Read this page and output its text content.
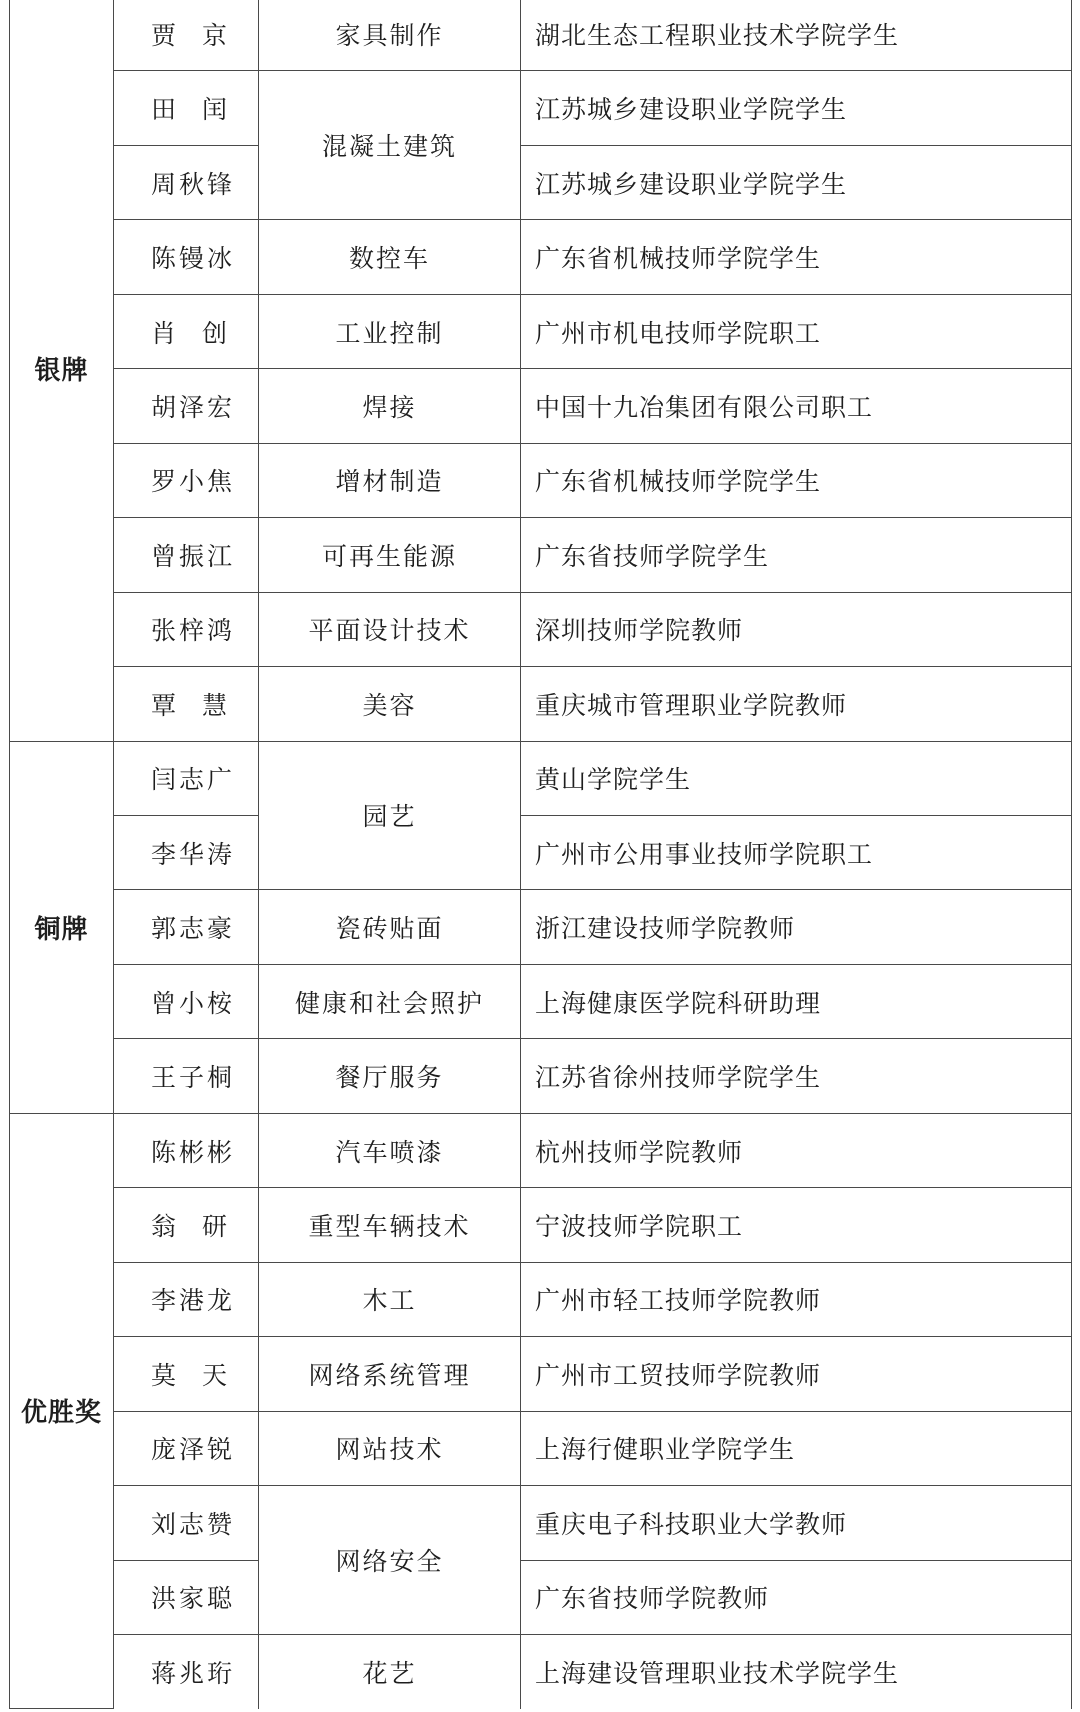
银牌	贾 京	家具制作	湖北生态工程职业技术学院学生
	田 闰	混凝土建筑	江苏城乡建设职业学院学生
	周秋锋		江苏城乡建设职业学院学生
	陈镘冰	数控车	广东省机械技师学院学生
	肖 创	工业控制	广州市机电技师学院职工
	胡泽宏	焊接	中国十九冶集团有限公司职工
	罗小焦	增材制造	广东省机械技师学院学生
	曾振江	可再生能源	广东省技师学院学生
	张梓鸿	平面设计技术	深圳技师学院教师
	覃 慧	美容	重庆城市管理职业学院教师
铜牌	闫志广	园艺	黄山学院学生
	李华涛		广州市公用事业技师学院职工
	郭志豪	瓷砖贴面	浙江建设技师学院教师
	曾小桉	健康和社会照护	上海健康医学院科研助理
	王子桐	餐厅服务	江苏省徐州技师学院学生
优胜奖	陈彬彬	汽车喷漆	杭州技师学院教师
	翁 研	重型车辆技术	宁波技师学院职工
	李港龙	木工	广州市轻工技师学院教师
	莫 天	网络系统管理	广州市工贸技师学院教师
	庞泽锐	网站技术	上海行健职业学院学生
	刘志赞	网络安全	重庆电子科技职业大学教师
	洪家聪		广东省技师学院教师
	蒋兆珩	花艺	上海建设管理职业技术学院学生
